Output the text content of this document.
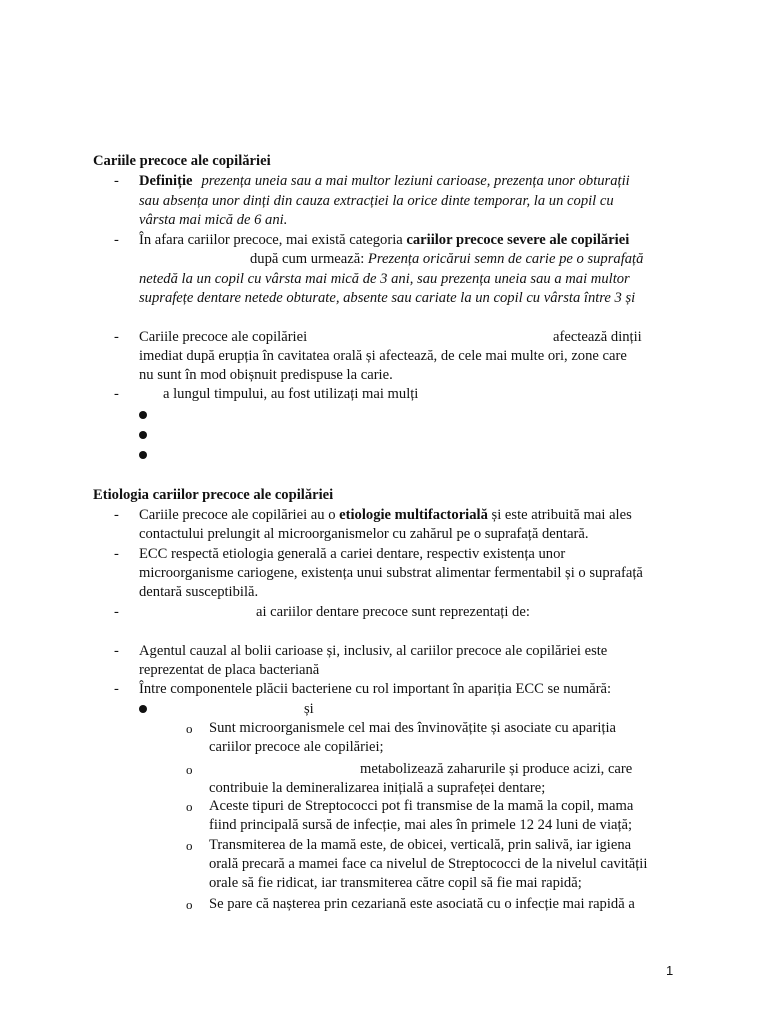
Cariile precoce ale copilăriei
-	Definiție prezența uneia sau a mai multor leziuni carioase, prezența unor obturații
sau absența unor dinți din cauza extracției la orice dinte temporar, la un copil cu
vârsta mai mică de 6 ani.
-	În afara cariilor precoce, mai există categoria cariilor precoce severe ale copilăriei
după cum urmează: Prezența oricărui semn de carie pe o suprafață
netedă la un copil cu vârsta mai mică de 3 ani, sau prezența uneia sau a mai multor
suprafețe dentare netede obturate, absente sau cariate la un copil cu vârsta între 3 și
-	Cariile precoce ale copilăriei	afectează dinții
imediat după erupția în cavitatea orală și afectează, de cele mai multe ori, zone care
nu sunt în mod obișnuit predispuse la carie.
-	a lungul timpului, au fost utilizați mai mulți
Etiologia cariilor precoce ale copilăriei
-	Cariile precoce ale copilăriei au o etiologie multifactorială și este atribuită mai ales
contactului prelungit al microorganismelor cu zahărul pe o suprafață dentară.
-	ECC respectă etiologia generală a cariei dentare, respectiv existența unor
microorganisme cariogene, existența unui substrat alimentar fermentabil și o suprafață
dentară susceptibilă.
-	ai cariilor dentare precoce sunt reprezentați de:
-	Agentul cauzal al bolii carioase și, inclusiv, al cariilor precoce ale copilăriei este
reprezentat de placa bacteriană
-	Între componentele plăcii bacteriene cu rol important în apariția ECC se numără:
și
o Sunt microorganismele cel mai des învinovățite și asociate cu apariția
cariilor precoce ale copilăriei;
o	metabolizează zaharurile și produce acizi, care
contribuie la demineralizarea inițială a suprafeței dentare;
o Aceste tipuri de Streptococci pot fi transmise de la mamă la copil, mama
fiind principală sursă de infecție, mai ales în primele 12 24 luni de viață;
o Transmiterea de la mamă este, de obicei, verticală, prin salivă, iar igiena
orală precară a mamei face ca nivelul de Streptococci de la nivelul cavității
orale să fie ridicat, iar transmiterea către copil să fie mai rapidă;
o Se pare că nașterea prin cezariană este asociată cu o infecție mai rapidă a
1
